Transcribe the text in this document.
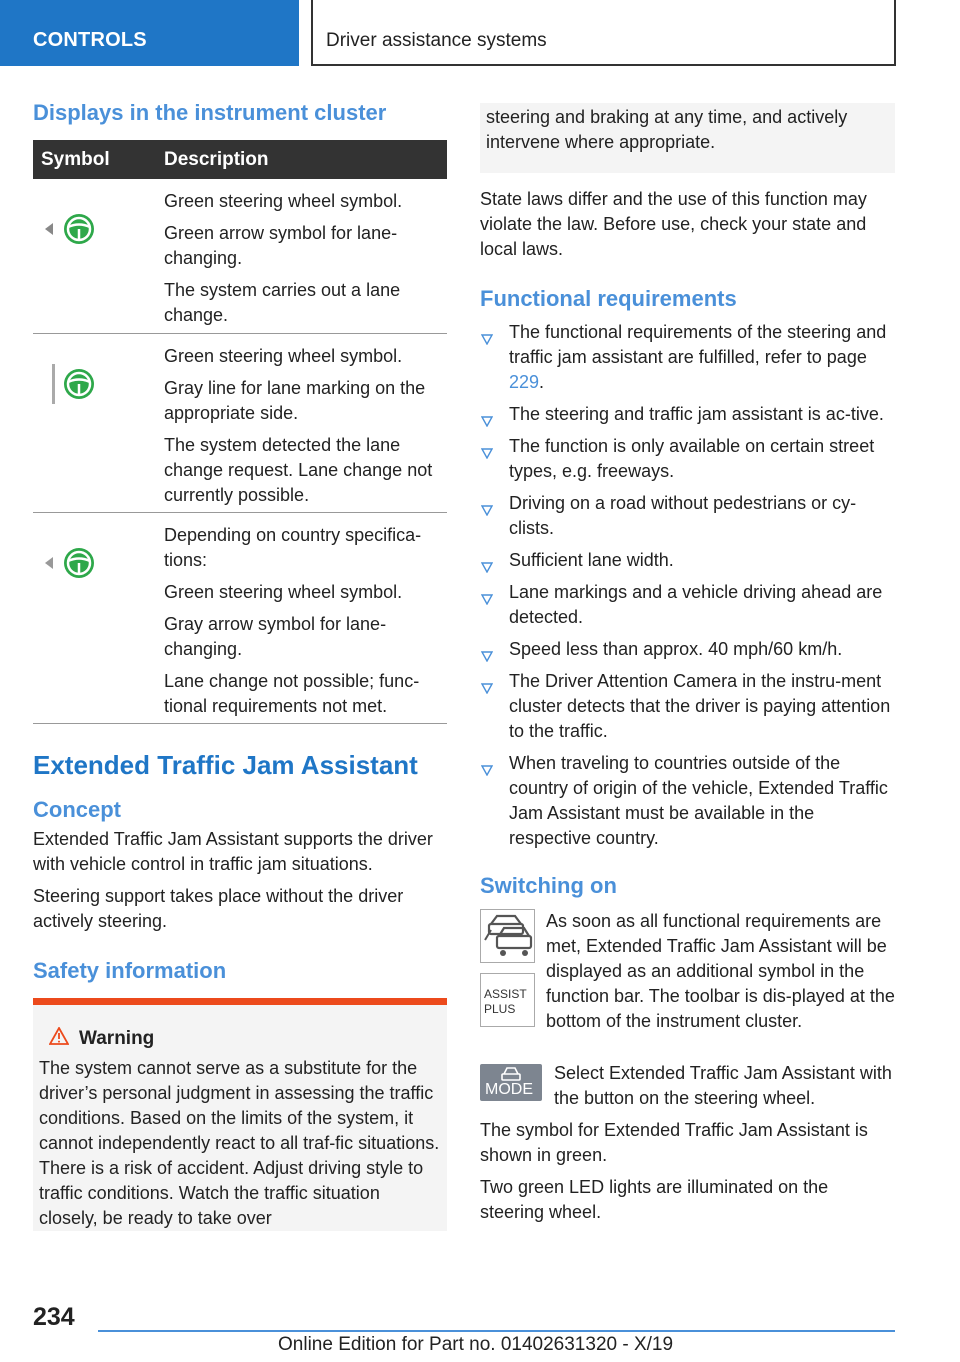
CONTROLS	Driver assistance systems
Displays in the instrument cluster
Symbol	Description

Green steering wheel symbol.

Green arrow symbol for lane-changing.

The system carries out a lane change.

Green steering wheel symbol.

Gray line for lane marking on the appropriate side.

The system detected the lane change request. Lane change not currently possible.

Depending on country specifica-tions:

Green steering wheel symbol.

Gray arrow symbol for lane-changing.

Lane change not possible; func-tional requirements not met.

Extended Traffic Jam Assistant
Concept

Extended Traffic Jam Assistant supports the driver with vehicle control in traffic jam situations.

Steering support takes place without the driver actively steering.

Safety information
Warning

The system cannot serve as a substitute for the driver’s personal judgment in assessing the traffic conditions. Based on the limits of the system, it cannot independently react to all traf-fic situations. There is a risk of accident. Adjust driving style to traffic conditions. Watch the traffic situation closely, be ready to take over

steering and braking at any time, and actively intervene where appropriate.

State laws differ and the use of this function may violate the law. Before use, check your state and local laws.

Functional requirements
The functional requirements of the steering and traffic jam assistant are fulfilled, refer to page 229.
The steering and traffic jam assistant is ac-tive.
The function is only available on certain street types, e.g. freeways.
Driving on a road without pedestrians or cy-clists.
Sufficient lane width.
Lane markings and a vehicle driving ahead are detected.
Speed less than approx. 40 mph/60 km/h.
The Driver Attention Camera in the instru-ment cluster detects that the driver is paying attention to the traffic.
When traveling to countries outside of the country of origin of the vehicle, Extended Traffic Jam Assistant must be available in the respective country.
Switching on
ASSIST
PLUS

As soon as all functional requirements are met, Extended Traffic Jam Assistant will be displayed as an additional symbol in the function bar. The toolbar is dis-played at the bottom of the instrument cluster.

MODE

Select Extended Traffic Jam Assistant with the button on the steering wheel.

The symbol for Extended Traffic Jam Assistant is shown in green.

Two green LED lights are illuminated on the steering wheel.

234
Online Edition for Part no. 01402631320 - X/19
